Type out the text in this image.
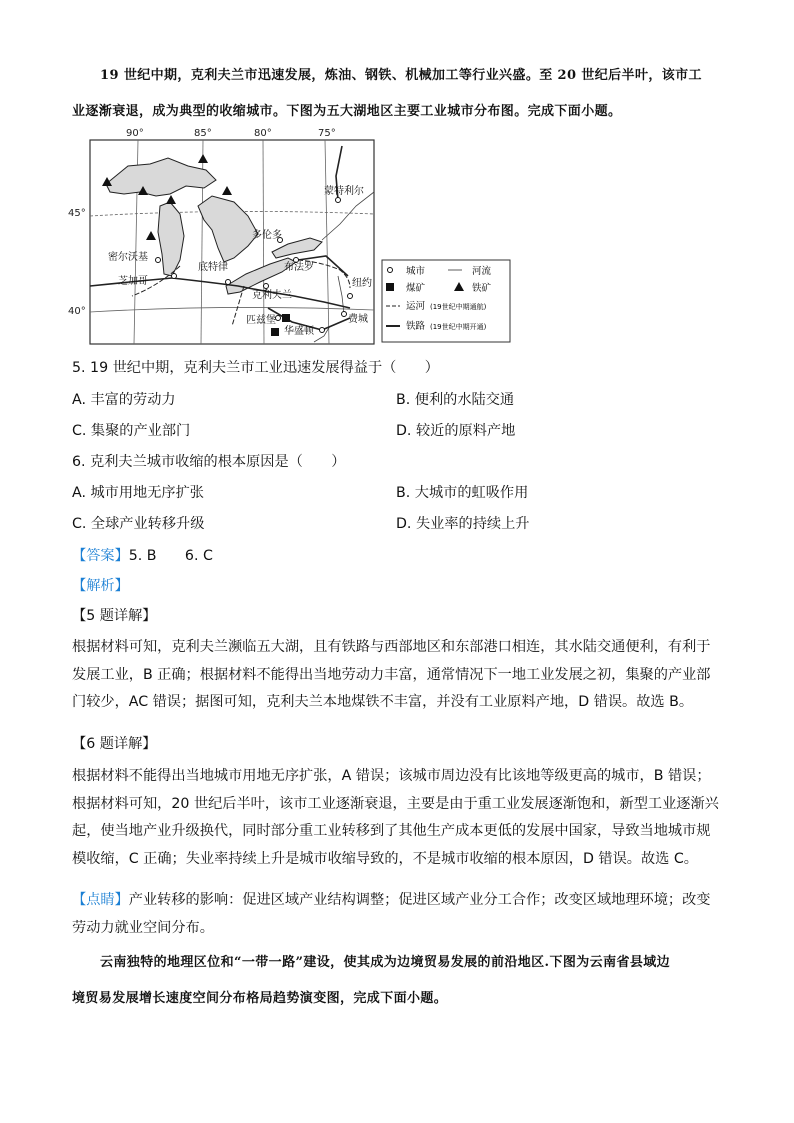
19 世纪中期，克利夫兰市迅速发展，炼油、钢铁、机械加工等行业兴盛。至 20 世纪后半叶，该市工
业逐渐衰退，成为典型的收缩城市。下图为五大湖地区主要工业城市分布图。完成下面小题。
90°	85°	80°	75°
45°
40°
蒙特利尔
多伦多
密尔沃基
芝加哥
底特律	布法罗
克利夫兰
纽约
匹兹堡	费城
华盛顿
城市	河流
煤矿	铁矿
运河 (19世纪中期通航)
铁路 (19世纪中期开通)
5. 19 世纪中期，克利夫兰市工业迅速发展得益于（　　）
A. 丰富的劳动力	B. 便利的水陆交通
C. 集聚的产业部门	D. 较近的原料产地
6. 克利夫兰城市收缩的根本原因是（　　）
A. 城市用地无序扩张	B. 大城市的虹吸作用
C. 全球产业转移升级	D. 失业率的持续上升
【答案】5. B　　6. C
【解析】
【5 题详解】
根据材料可知，克利夫兰濒临五大湖，且有铁路与西部地区和东部港口相连，其水陆交通便利，有利于发展工业，B 正确；根据材料不能得出当地劳动力丰富，通常情况下一地工业发展之初，集聚的产业部门较少，AC 错误；据图可知，克利夫兰本地煤铁不丰富，并没有工业原料产地，D 错误。故选 B。
【6 题详解】
根据材料不能得出当地城市用地无序扩张，A 错误；该城市周边没有比该地等级更高的城市，B 错误；根据材料可知，20 世纪后半叶，该市工业逐渐衰退，主要是由于重工业发展逐渐饱和，新型工业逐渐兴起，使当地产业升级换代，同时部分重工业转移到了其他生产成本更低的发展中国家，导致当地城市规模收缩，C 正确；失业率持续上升是城市收缩导致的，不是城市收缩的根本原因，D 错误。故选 C。
【点睛】产业转移的影响：促进区域产业结构调整；促进区域产业分工合作；改变区域地理环境；改变劳动力就业空间分布。
云南独特的地理区位和“一带一路”建设，使其成为边境贸易发展的前沿地区.下图为云南省县域边
境贸易发展增长速度空间分布格局趋势演变图，完成下面小题。
